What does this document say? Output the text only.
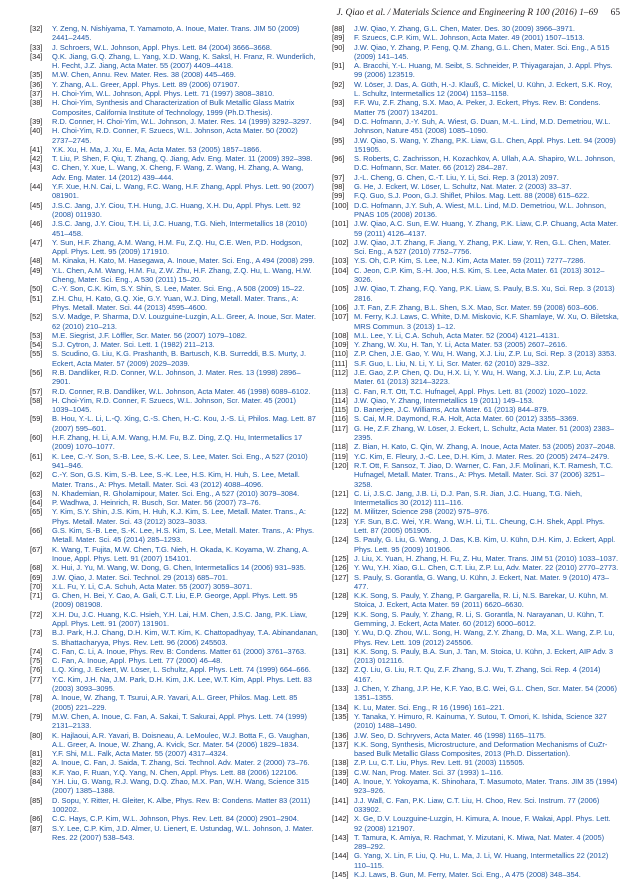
J. Qiao et al. / Materials Science and Engineering R 100 (2016) 1–69 65
[32] Y. Zeng, N. Nishiyama, T. Yamamoto, A. Inoue, Mater. Trans. JIM 50 (2009) 2441–2445.
[33] J. Schroers, W.L. Johnson, Appl. Phys. Lett. 84 (2004) 3666–3668.
[34] Q.K. Jiang, G.Q. Zhang, L. Yang, X.D. Wang, K. Saksl, H. Franz, R. Wunderlich, H. Fecht, J.Z. Jiang, Acta Mater. 55 (2007) 4409–4418.
[35] M.W. Chen, Annu. Rev. Mater. Res. 38 (2008) 445–469.
[36] Y. Zhang, A.L. Greer, Appl. Phys. Lett. 89 (2006) 071907.
[37] H. Choi-Yim, W.L. Johnson, Appl. Phys. Lett. 71 (1997) 3808–3810.
[38] H. Choi-Yim, Synthesis and Characterization of Bulk Metallic Glass Matrix Composites, California Institute of Technology, 1999 (Ph.D.Thesis).
[39] R.D. Conner, H. Choi-Yim, W.L. Johnson, J. Mater. Res. 14 (1999) 3292–3297.
[40] H. Choi-Yim, R.D. Conner, F. Szuecs, W.L. Johnson, Acta Mater. 50 (2002) 2737–2745.
[41] Y.K. Xu, H. Ma, J. Xu, E. Ma, Acta Mater. 53 (2005) 1857–1866.
[42] T. Liu, P. Shen, F. Qiu, T. Zhang, Q. Jiang, Adv. Eng. Mater. 11 (2009) 392–398.
[43] C. Chen, Y. Xue, L. Wang, X. Cheng, F. Wang, Z. Wang, H. Zhang, A. Wang, Adv. Eng. Mater. 14 (2012) 439–444.
[44] Y.F. Xue, H.N. Cai, L. Wang, F.C. Wang, H.F. Zhang, Appl. Phys. Lett. 90 (2007) 081901.
[45] J.S.C. Jang, J.Y. Ciou, T.H. Hung, J.C. Huang, X.H. Du, Appl. Phys. Lett. 92 (2008) 011930.
[46] J.S.C. Jang, J.Y. Ciou, T.H. Li, J.C. Huang, T.G. Nieh, Intermetallics 18 (2010) 451–458.
[47] Y. Sun, H.F. Zhang, A.M. Wang, H.M. Fu, Z.Q. Hu, C.E. Wen, P.D. Hodgson, Appl. Phys. Lett. 95 (2009) 171910.
[48] M. Kinaka, H. Kato, M. Hasegawa, A. Inoue, Mater. Sci. Eng., A 494 (2008) 299.
[49] Y.L. Chen, A.M. Wang, H.M. Fu, Z.W. Zhu, H.F. Zhang, Z.Q. Hu, L. Wang, H.W. Cheng, Mater. Sci. Eng., A 530 (2011) 15–20.
[50] C.-Y. Son, C.K. Kim, S.Y. Shin, S. Lee, Mater. Sci. Eng., A 508 (2009) 15–22.
[51] Z.H. Chu, H. Kato, G.Q. Xie, G.Y. Yuan, W.J. Ding, Metall. Mater. Trans., A: Phys. Metall. Mater. Sci. 44 (2013) 4595–4600.
[52] S.V. Madge, P. Sharma, D.V. Louzguine-Luzgin, A.L. Greer, A. Inoue, Scr. Mater. 62 (2010) 210–213.
[53] M.E. Siegrist, J.F. Löffler, Scr. Mater. 56 (2007) 1079–1082.
[54] S.J. Cytron, J. Mater. Sci. Lett. 1 (1982) 211–213.
[55] S. Scudino, G. Liu, K.G. Prashanth, B. Bartusch, K.B. Surreddi, B.S. Murty, J. Eckert, Acta Mater. 57 (2009) 2029–2039.
[56] R.B. Dandliker, R.D. Conner, W.L. Johnson, J. Mater. Res. 13 (1998) 2896–2901.
[57] R.D. Conner, R.B. Dandliker, W.L. Johnson, Acta Mater. 46 (1998) 6089–6102.
[58] H. Choi-Yim, R.D. Conner, F. Szuecs, W.L. Johnson, Scr. Mater. 45 (2001) 1039–1045.
[59] B. Hou, Y.-L. Li, L.-Q. Xing, C.-S. Chen, H.-C. Kou, J.-S. Li, Philos. Mag. Lett. 87 (2007) 595–601.
[60] H.F. Zhang, H. Li, A.M. Wang, H.M. Fu, B.Z. Ding, Z.Q. Hu, Intermetallics 17 (2009) 1070–1077.
[61] K. Lee, C.-Y. Son, S.-B. Lee, S.-K. Lee, S. Lee, Mater. Sci. Eng., A 527 (2010) 941–946.
[62] C.-Y. Son, G.S. Kim, S.-B. Lee, S.-K. Lee, H.S. Kim, H. Huh, S. Lee, Metall. Mater. Trans., A: Phys. Metall. Mater. Sci. 43 (2012) 4088–4096.
[63] N. Khademian, R. Gholamipour, Mater. Sci. Eng., A 527 (2010) 3079–3084.
[64] P. Wadhwa, J. Heinrich, R. Busch, Scr. Mater. 56 (2007) 73–76.
[65] Y. Kim, S.Y. Shin, J.S. Kim, H. Huh, K.J. Kim, S. Lee, Metall. Mater. Trans., A: Phys. Metall. Mater. Sci. 43 (2012) 3023–3033.
[66] G.S. Kim, S.-B. Lee, S.-K. Lee, H.S. Kim, S. Lee, Metall. Mater. Trans., A: Phys. Metall. Mater. Sci. 45 (2014) 285–1293.
[67] K. Wang, T. Fujita, M.W. Chen, T.G. Nieh, H. Okada, K. Koyama, W. Zhang, A. Inoue, Appl. Phys. Lett. 91 (2007) 154101.
[68] X. Hui, J. Yu, M. Wang, W. Dong, G. Chen, Intermetallics 14 (2006) 931–935.
[69] J.W. Qiao, J. Mater. Sci. Technol. 29 (2013) 685–701.
[70] X.L. Fu, Y. Li, C.A. Schuh, Acta Mater. 55 (2007) 3059–3071.
[71] G. Chen, H. Bei, Y. Cao, A. Gali, C.T. Liu, E.P. George, Appl. Phys. Lett. 95 (2009) 081908.
[72] X.H. Du, J.C. Huang, K.C. Hsieh, Y.H. Lai, H.M. Chen, J.S.C. Jang, P.K. Liaw, Appl. Phys. Lett. 91 (2007) 131901.
[73] B.J. Park, H.J. Chang, D.H. Kim, W.T. Kim, K. Chattopadhyay, T.A. Abinandanan, S. Bhattacharyya, Phys. Rev. Lett. 96 (2006) 245503.
[74] C. Fan, C. Li, A. Inoue, Phys. Rev. B: Condens. Matter 61 (2000) 3761–3763.
[75] C. Fan, A. Inoue, Appl. Phys. Lett. 77 (2000) 46–48.
[76] L.Q. Xing, J. Eckert, W. Löser, L. Schultz, Appl. Phys. Lett. 74 (1999) 664–666.
[77] Y.C. Kim, J.H. Na, J.M. Park, D.H. Kim, J.K. Lee, W.T. Kim, Appl. Phys. Lett. 83 (2003) 3093–3095.
[78] A. Inoue, W. Zhang, T. Tsurui, A.R. Yavari, A.L. Greer, Philos. Mag. Lett. 85 (2005) 221–229.
[79] M.W. Chen, A. Inoue, C. Fan, A. Sakai, T. Sakurai, Appl. Phys. Lett. 74 (1999) 2131–2133.
[80] K. Hajlaoui, A.R. Yavari, B. Doisneau, A. LeMoulec, W.J. Botta F., G. Vaughan, A.L. Greer, A. Inoue, W. Zhang, A. Kvick, Scr. Mater. 54 (2006) 1829–1834.
[81] Y.F. Shi, M.L. Falk, Acta Mater. 55 (2007) 4317–4324.
[82] A. Inoue, C. Fan, J. Saida, T. Zhang, Sci. Technol. Adv. Mater. 2 (2000) 73–76.
[83] K.F. Yao, F. Ruan, Y.Q. Yang, N. Chen, Appl. Phys. Lett. 88 (2006) 122106.
[84] Y.H. Liu, G. Wang, R.J. Wang, D.Q. Zhao, M.X. Pan, W.H. Wang, Science 315 (2007) 1385–1388.
[85] D. Sopu, Y. Ritter, H. Gleiter, K. Albe, Phys. Rev. B: Condens. Matter 83 (2011) 100202.
[86] C.C. Hays, C.P. Kim, W.L. Johnson, Phys. Rev. Lett. 84 (2000) 2901–2904.
[87] S.Y. Lee, C.P. Kim, J.D. Almer, U. Lienert, E. Ustundag, W.L. Johnson, J. Mater. Res. 22 (2007) 538–543.
[88] J.W. Qiao, Y. Zhang, G.L. Chen, Mater. Des. 30 (2009) 3966–3971.
[89] F. Szuecs, C.P. Kim, W.L. Johnson, Acta Mater. 49 (2001) 1507–1513.
[90] J.W. Qiao, Y. Zhang, P. Feng, Q.M. Zhang, G.L. Chen, Mater. Sci. Eng., A 515 (2009) 141–145.
[91] A. Bracchi, Y.-L. Huang, M. Seibt, S. Schneider, P. Thiyagarajan, J. Appl. Phys. 99 (2006) 123519.
[92] W. Löser, J. Das, A. Güth, H.-J. Klauß, C. Mickel, U. Kühn, J. Eckert, S.K. Roy, L. Schultz, Intermetallics 12 (2004) 1153–1158.
[93] F.F. Wu, Z.F. Zhang, S.X. Mao, A. Peker, J. Eckert, Phys. Rev. B: Condens. Matter 75 (2007) 134201.
[94] D.C. Hofmann, J.-Y. Suh, A. Wiest, G. Duan, M.-L. Lind, M.D. Demetriou, W.L. Johnson, Nature 451 (2008) 1085–1090.
[95] J.W. Qiao, S. Wang, Y. Zhang, P.K. Liaw, G.L. Chen, Appl. Phys. Lett. 94 (2009) 151905.
[96] S. Roberts, C. Zachrisson, H. Kozachkov, A. Ullah, A.A. Shapiro, W.L. Johnson, D.C. Hofmann, Scr. Mater. 66 (2012) 284–287.
[97] J.-L. Cheng, G. Chen, C.-T. Liu, Y. Li, Sci. Rep. 3 (2013) 2097.
[98] G. He, J. Eckert, W. Löser, L. Schultz, Nat. Mater. 2 (2003) 33–37.
[99] F.Q. Guo, S.J. Poon, G.J. Shiflet, Philos. Mag. Lett. 88 (2008) 615–622.
[100] D.C. Hofmann, J.Y. Suh, A. Wiest, M.L. Lind, M.D. Demetriou, W.L. Johnson, PNAS 105 (2008) 20136.
[101] J.W. Qiao, A.C. Sun, E.W. Huang, Y. Zhang, P.K. Liaw, C.P. Chuang, Acta Mater. 59 (2011) 4126–4137.
[102] J.W. Qiao, J.T. Zhang, F. Jiang, Y. Zhang, P.K. Liaw, Y. Ren, G.L. Chen, Mater. Sci. Eng., A 527 (2010) 7752–7756.
[103] Y.S. Oh, C.P. Kim, S. Lee, N.J. Kim, Acta Mater. 59 (2011) 7277–7286.
[104] C. Jeon, C.P. Kim, S.-H. Joo, H.S. Kim, S. Lee, Acta Mater. 61 (2013) 3012–3026.
[105] J.W. Qiao, T. Zhang, F.Q. Yang, P.K. Liaw, S. Pauly, B.S. Xu, Sci. Rep. 3 (2013) 2816.
[106] J.T. Fan, Z.F. Zhang, B.L. Shen, S.X. Mao, Scr. Mater. 59 (2008) 603–606.
[107] M. Ferry, K.J. Laws, C. White, D.M. Miskovic, K.F. Shamlaye, W. Xu, O. Biletska, MRS Commun. 3 (2013) 1–12.
[108] M.L. Lee, Y. Li, C.A. Schuh, Acta Mater. 52 (2004) 4121–4131.
[109] Y. Zhang, W. Xu, H. Tan, Y. Li, Acta Mater. 53 (2005) 2607–2616.
[110] Z.P. Chen, J.E. Gao, Y. Wu, H. Wang, X.J. Liu, Z.P. Lu, Sci. Rep. 3 (2013) 3353.
[111] S.F. Guo, L. Liu, N. Li, Y. Li, Scr. Mater. 62 (2010) 329–332.
[112] J.E. Gao, Z.P. Chen, Q. Du, H.X. Li, Y. Wu, H. Wang, X.J. Liu, Z.P. Lu, Acta Mater. 61 (2013) 3214–3223.
[113] C. Fan, R.T. Ott, T.C. Hufnagel, Appl. Phys. Lett. 81 (2002) 1020–1022.
[114] J.W. Qiao, Y. Zhang, Intermetallics 19 (2011) 149–153.
[115] D. Banerjee, J.C. Williams, Acta Mater. 61 (2013) 844–879.
[116] S. Cai, M.R. Daymond, R.A. Holt, Acta Mater. 60 (2012) 3355–3369.
[117] G. He, Z.F. Zhang, W. Löser, J. Eckert, L. Schultz, Acta Mater. 51 (2003) 2383–2395.
[118] Z. Bian, H. Kato, C. Qin, W. Zhang, A. Inoue, Acta Mater. 53 (2005) 2037–2048.
[119] Y.C. Kim, E. Fleury, J.-C. Lee, D.H. Kim, J. Mater. Res. 20 (2005) 2474–2479.
[120] R.T. Ott, F. Sansoz, T. Jiao, D. Warner, C. Fan, J.F. Molinari, K.T. Ramesh, T.C. Hufnagel, Metall. Mater. Trans., A: Phys. Metall. Mater. Sci. 37 (2006) 3251–3258.
[121] C. Li, J.S.C. Jang, J.B. Li, D.J. Pan, S.R. Jian, J.C. Huang, T.G. Nieh, Intermetallics 30 (2012) 111–116.
[122] M. Militzer, Science 298 (2002) 975–976.
[123] Y.F. Sun, B.C. Wei, Y.R. Wang, W.H. Li, T.L. Cheung, C.H. Shek, Appl. Phys. Lett. 87 (2005) 051905.
[124] S. Pauly, G. Liu, G. Wang, J. Das, K.B. Kim, U. Kühn, D.H. Kim, J. Eckert, Appl. Phys. Lett. 95 (2009) 101906.
[125] J. Liu, X. Yuan, H. Zhang, H. Fu, Z. Hu, Mater. Trans. JIM 51 (2010) 1033–1037.
[126] Y. Wu, Y.H. Xiao, G.L. Chen, C.T. Liu, Z.P. Lu, Adv. Mater. 22 (2010) 2770–2773.
[127] S. Pauly, S. Gorantla, G. Wang, U. Kühn, J. Eckert, Nat. Mater. 9 (2010) 473–477.
[128] K.K. Song, S. Pauly, Y. Zhang, P. Gargarella, R. Li, N.S. Barekar, U. Kühn, M. Stoica, J. Eckert, Acta Mater. 59 (2011) 6620–6630.
[129] K.K. Song, S. Pauly, Y. Zhang, R. Li, S. Gorantla, N. Narayanan, U. Kühn, T. Gemming, J. Eckert, Acta Mater. 60 (2012) 6000–6012.
[130] Y. Wu, D.Q. Zhou, W.L. Song, H. Wang, Z.Y. Zhang, D. Ma, X.L. Wang, Z.P. Lu, Phys. Rev. Lett. 109 (2012) 245506.
[131] K.K. Song, S. Pauly, B.A. Sun, J. Tan, M. Stoica, U. Kühn, J. Eckert, AIP Adv. 3 (2013) 012116.
[132] Z.Q. Liu, G. Liu, R.T. Qu, Z.F. Zhang, S.J. Wu, T. Zhang, Sci. Rep. 4 (2014) 4167.
[133] J. Chen, Y. Zhang, J.P. He, K.F. Yao, B.C. Wei, G.L. Chen, Scr. Mater. 54 (2006) 1351–1355.
[134] K. Lu, Mater. Sci. Eng., R 16 (1996) 161–221.
[135] Y. Tanaka, Y. Himuro, R. Kainuma, Y. Sutou, T. Omori, K. Ishida, Science 327 (2010) 1488–1490.
[136] J.W. Seo, D. Schryvers, Acta Mater. 46 (1998) 1165–1175.
[137] K.K. Song, Synthesis, Microstructure, and Deformation Mechanisms of CuZr-based Bulk Metallic Glass Composites, 2013 (Ph.D. Dissertation).
[138] Z.P. Lu, C.T. Liu, Phys. Rev. Lett. 91 (2003) 115505.
[139] C.W. Nan, Prog. Mater. Sci. 37 (1993) 1–116.
[140] A. Inoue, Y. Yokoyama, K. Shinohara, T. Masumoto, Mater. Trans. JIM 35 (1994) 923–926.
[141] J.J. Wall, C. Fan, P.K. Liaw, C.T. Liu, H. Choo, Rev. Sci. Instrum. 77 (2006) 033902.
[142] X. Ge, D.V. Louzguine-Luzgin, H. Kimura, A. Inoue, F. Wakai, Appl. Phys. Lett. 92 (2008) 121907.
[143] T. Tamura, K. Amiya, R. Rachmat, Y. Mizutani, K. Miwa, Nat. Mater. 4 (2005) 289–292.
[144] G. Yang, X. Lin, F. Liu, Q. Hu, L. Ma, J. Li, W. Huang, Intermetallics 22 (2012) 110–115.
[145] K.J. Laws, B. Gun, M. Ferry, Mater. Sci. Eng., A 475 (2008) 348–354.
